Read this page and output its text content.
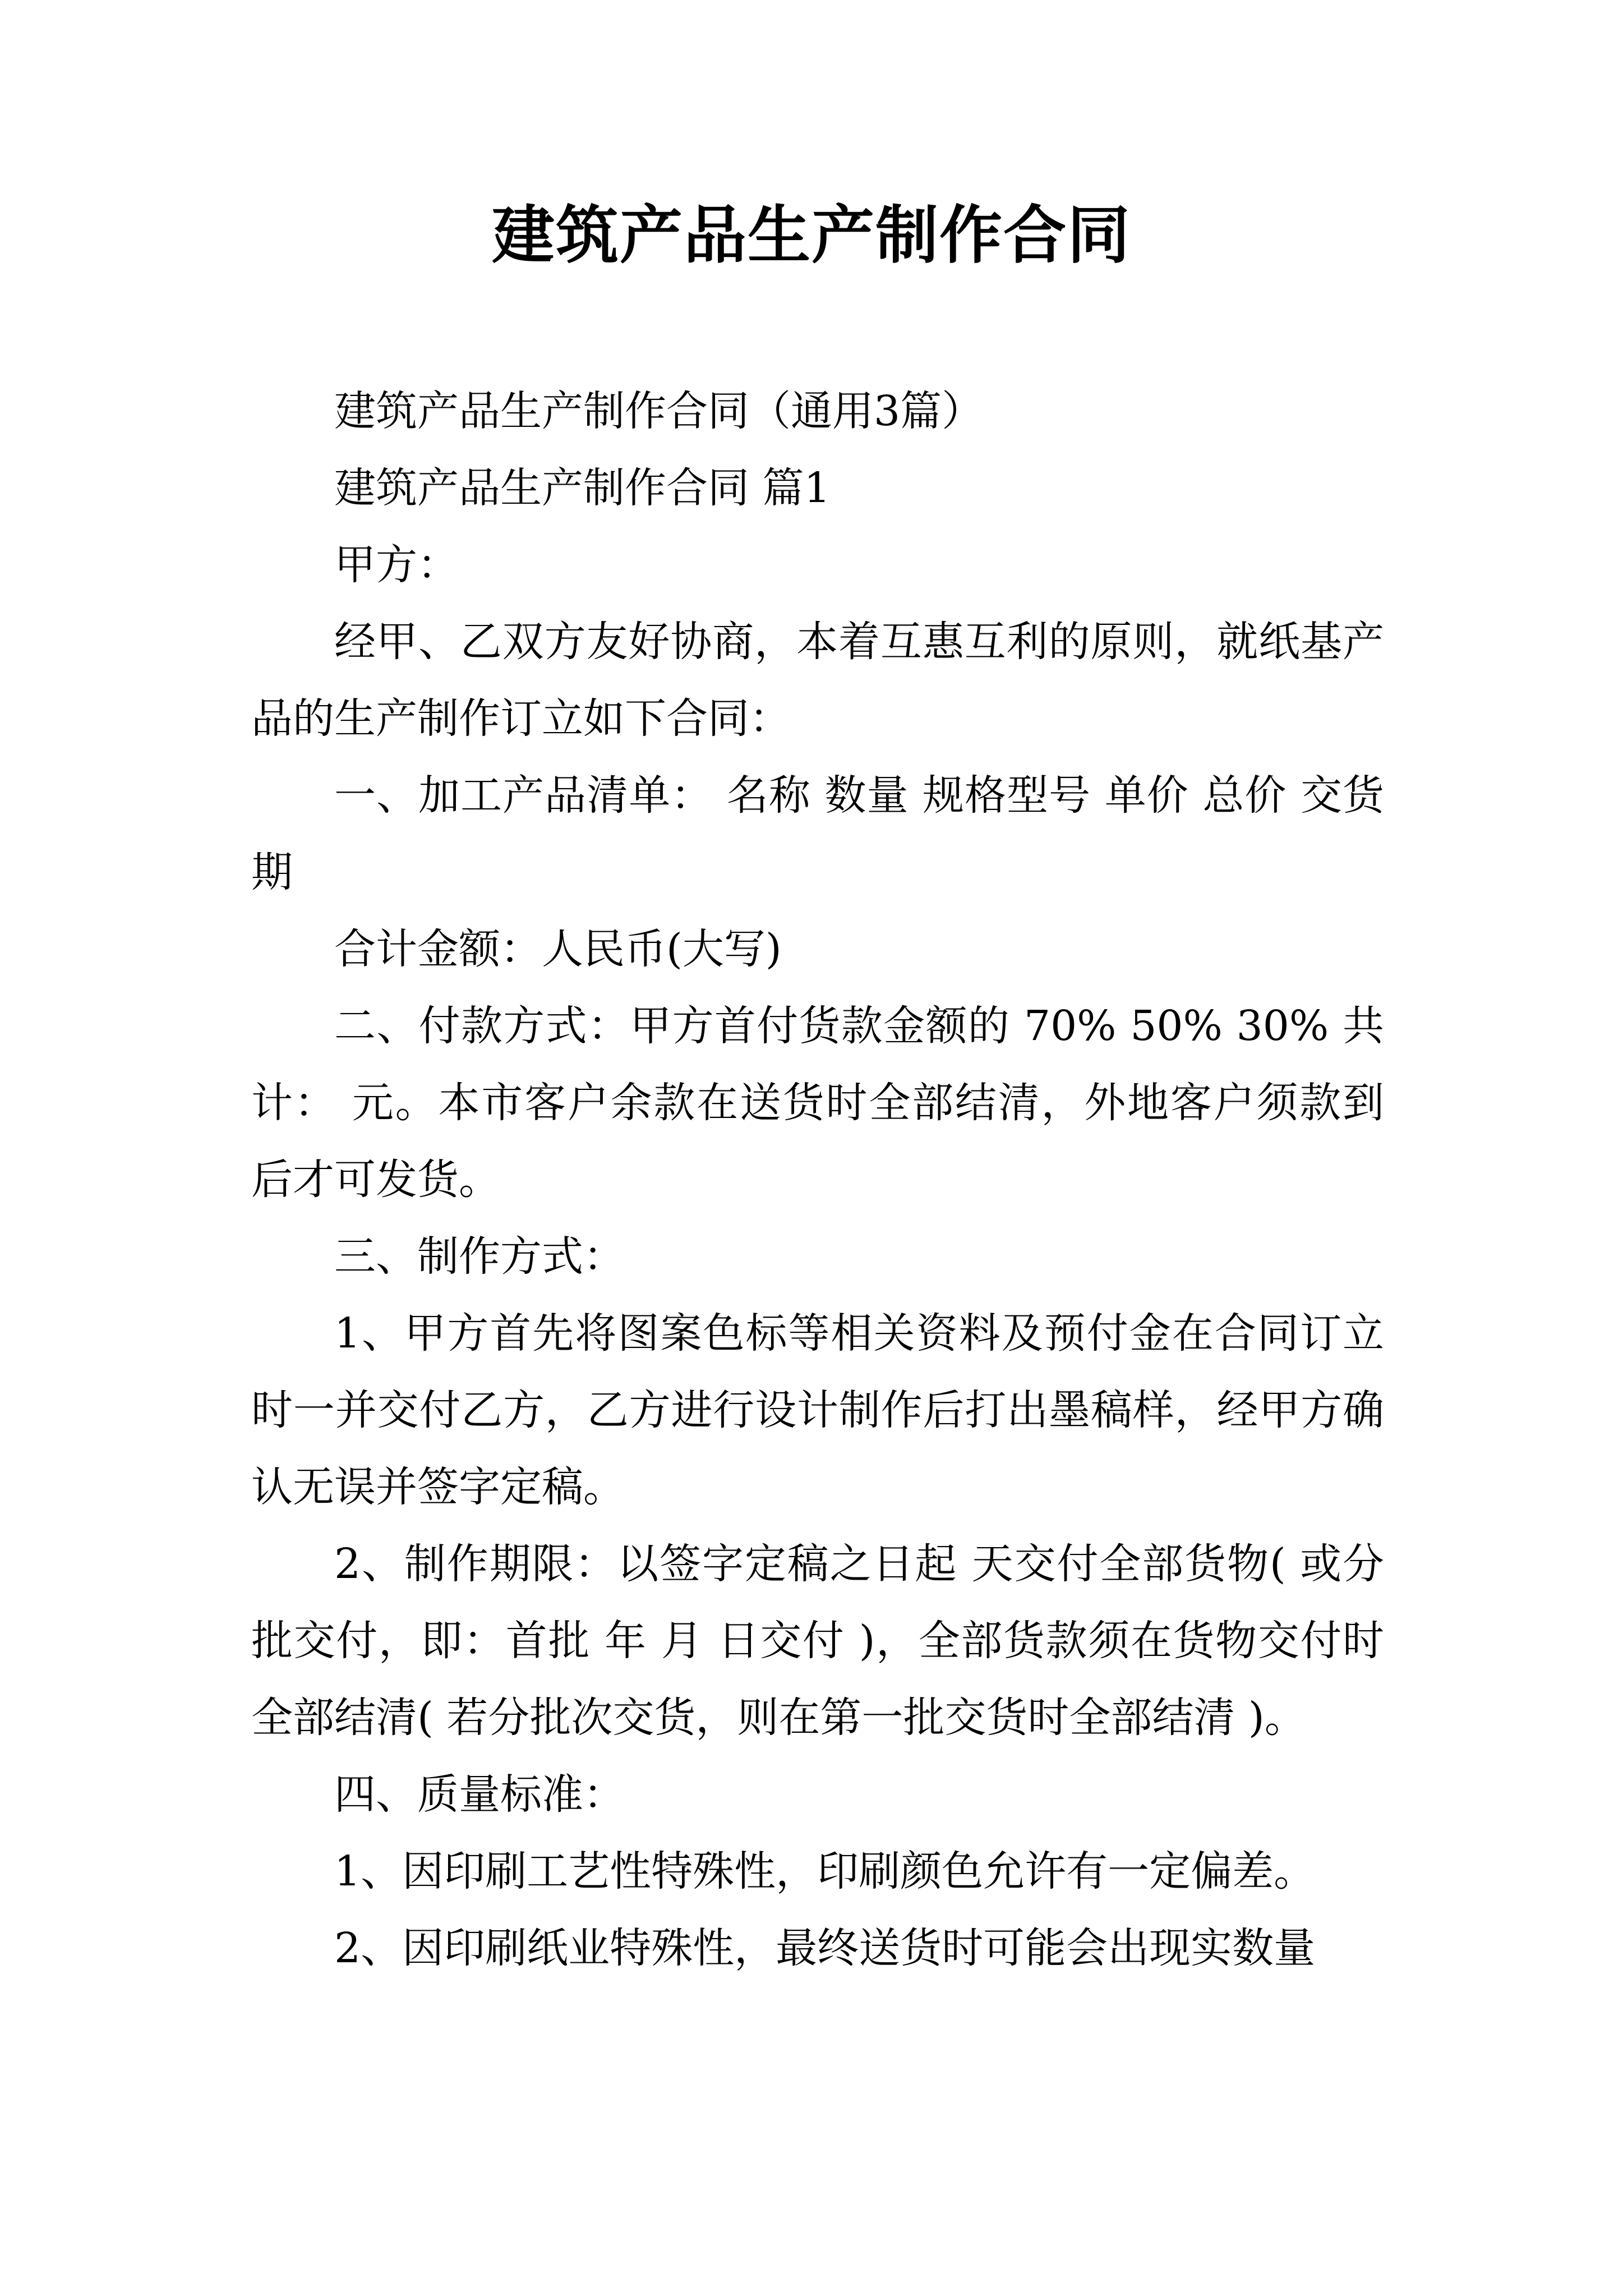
建筑产品生产制作合同

建筑产品生产制作合同（通用3篇）

建筑产品生产制作合同 篇1

甲方：

经甲、乙双方友好协商，本着互惠互利的原则，就纸基产品的生产制作订立如下合同：

一、加工产品清单： 名称 数量 规格型号 单价 总价 交货期

合计金额：人民币(大写)

二、付款方式：甲方首付货款金额的 70% 50% 30% 共计： 元。本市客户余款在送货时全部结清，外地客户须款到后才可发货。

三、制作方式：

1、甲方首先将图案色标等相关资料及预付金在合同订立时一并交付乙方，乙方进行设计制作后打出墨稿样，经甲方确认无误并签字定稿。

2、制作期限：以签字定稿之日起 天交付全部货物( 或分批交付，即：首批 年 月 日交付 )，全部货款须在货物交付时全部结清( 若分批次交货，则在第一批交货时全部结清 )。

四、质量标准：

1、因印刷工艺性特殊性，印刷颜色允许有一定偏差。

2、因印刷纸业特殊性，最终送货时可能会出现实数量
